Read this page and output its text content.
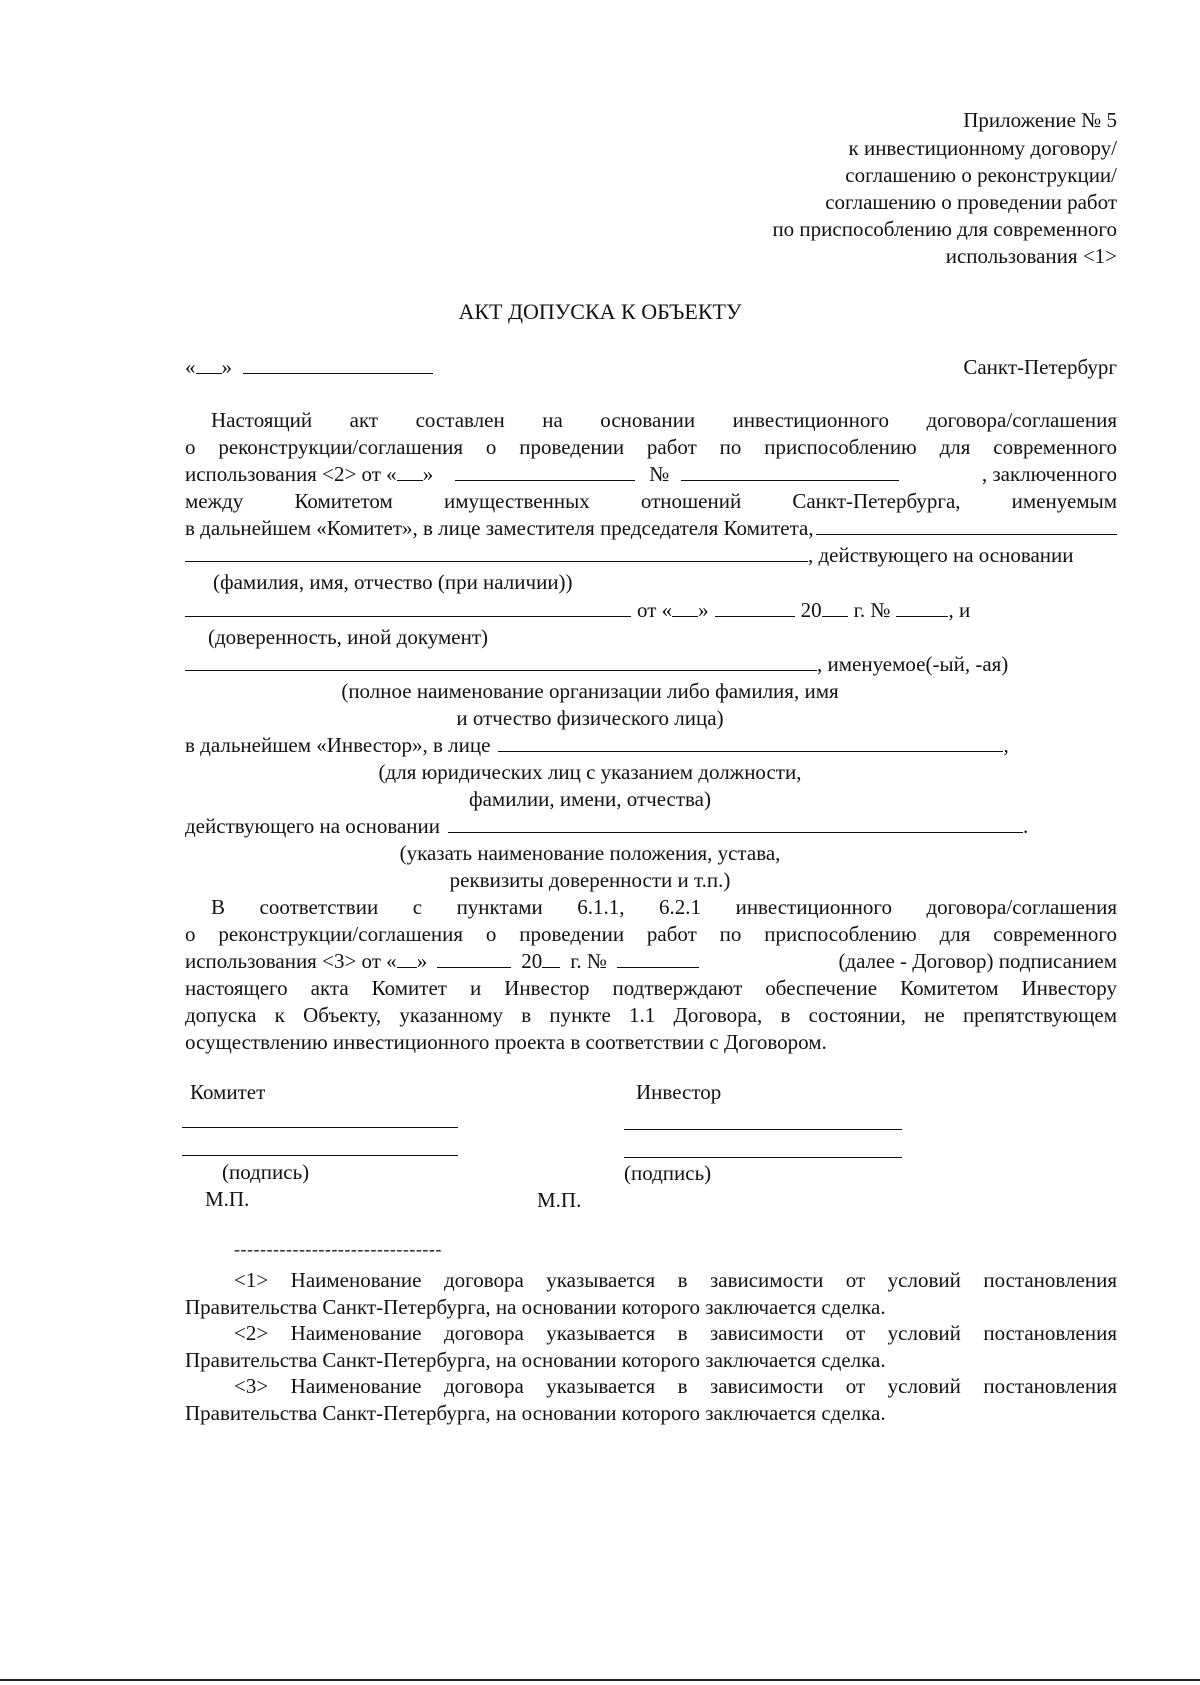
Приложение № 5
к инвестиционному договору/
соглашению о реконструкции/
соглашению о проведении работ
по приспособлению для современного
использования <1>
АКТ ДОПУСКА К ОБЪЕКТУ
« »	Санкт-Петербург
Настоящий акт составлен на основании инвестиционного договора/соглашения
о реконструкции/соглашения о проведении работ по приспособлению для современного
использования <2> от « »	№	, заключенного
между Комитетом имущественных отношений Санкт-Петербурга, именуемым
в дальнейшем «Комитет», в лице заместителя председателя Комитета,
, действующего на основании
(фамилия, имя, отчество (при наличии))
от « »	20 г. №	, и
(доверенность, иной документ)
, именуемое(-ый, -ая)
(полное наименование организации либо фамилия, имя
и отчество физического лица)
в дальнейшем «Инвестор», в лице	,
(для юридических лиц с указанием должности,
фамилии, имени, отчества)
действующего на основании	.
(указать наименование положения, устава,
реквизиты доверенности и т.п.)
В соответствии с пунктами 6.1.1, 6.2.1 инвестиционного договора/соглашения
о реконструкции/соглашения о проведении работ по приспособлению для современного
использования <3> от « »	20 г. №	(далее - Договор) подписанием
настоящего акта Комитет и Инвестор подтверждают обеспечение Комитетом Инвестору
допуска к Объекту, указанному в пункте 1.1 Договора, в состоянии, не препятствующем
осуществлению инвестиционного проекта в соответствии с Договором.
Комитет	Инвестор
(подпись)	(подпись)
М.П.	М.П.
--------------------------------
<1> Наименование договора указывается в зависимости от условий постановления
Правительства Санкт-Петербурга, на основании которого заключается сделка.
<2> Наименование договора указывается в зависимости от условий постановления
Правительства Санкт-Петербурга, на основании которого заключается сделка.
<3> Наименование договора указывается в зависимости от условий постановления
Правительства Санкт-Петербурга, на основании которого заключается сделка.
